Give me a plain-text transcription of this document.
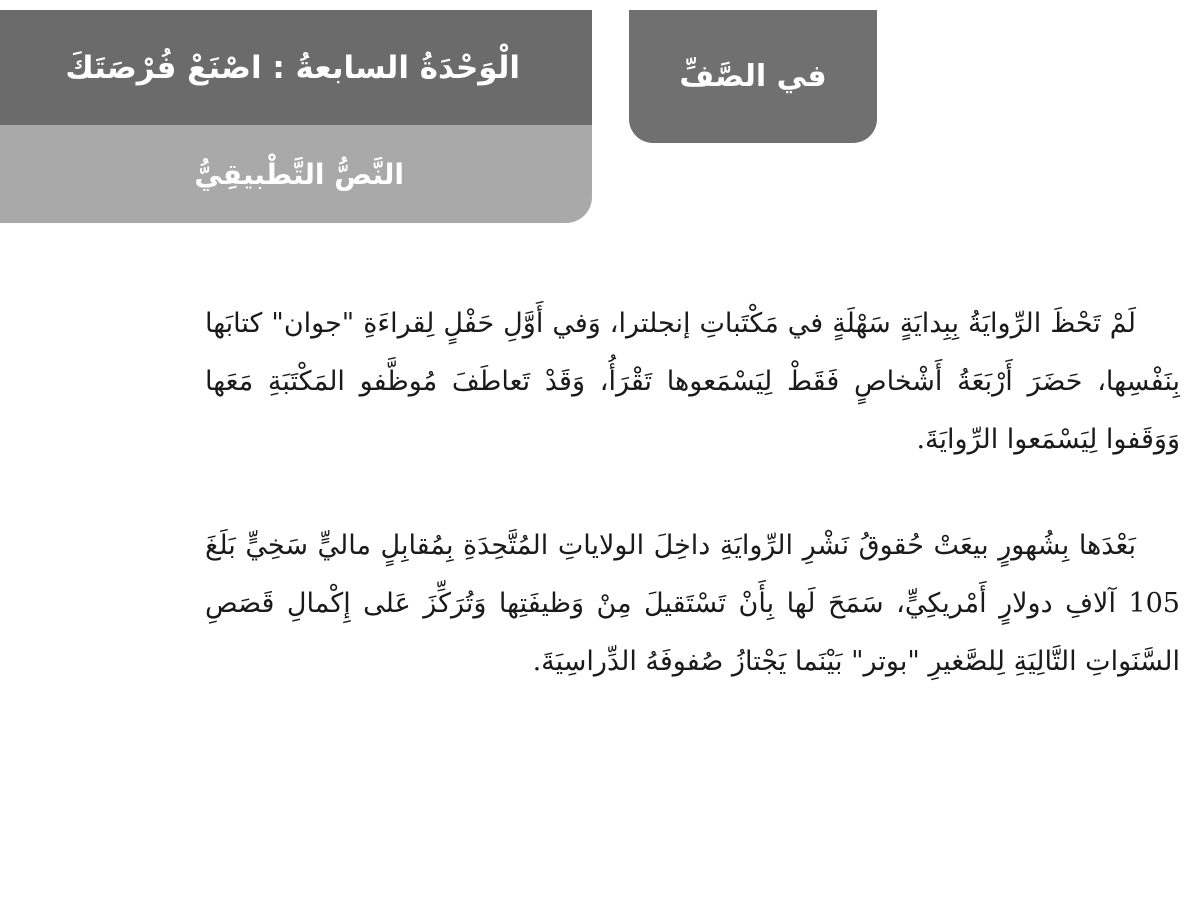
الْوَحْدَةُ السابعةُ : اصْنَعْ فُرْصَتَكَ
النَّصُّ التَّطْبيقِيُّ
في الصَّفِّ

لَمْ تَحْظَ الرِّوايَةُ بِبِدايَةٍ سَهْلَةٍ في مَكْتَباتِ إنجلترا، وَفي أَوَّلِ حَفْلٍ لِقراءَةِ "جوان" كتابَها بِنَفْسِها، حَضَرَ أَرْبَعَةُ أَشْخاصٍ فَقَطْ لِيَسْمَعوها تَقْرَأُ، وَقَدْ تَعاطَفَ مُوظَّفو المَكْتَبَةِ مَعَها وَوَقَفوا لِيَسْمَعوا الرِّوايَةَ.

بَعْدَها بِشُهورٍ بيعَتْ حُقوقُ نَشْرِ الرِّوايَةِ داخِلَ الولاياتِ المُتَّحِدَةِ بِمُقابِلٍ ماليٍّ سَخِيٍّ بَلَغَ 105 آلافِ دولارٍ أَمْريكِيٍّ، سَمَحَ لَها بِأَنْ تَسْتَقيلَ مِنْ وَظيفَتِها وَتُرَكِّزَ عَلى إِكْمالِ قَصَصِ السَّنَواتِ التَّالِيَةِ لِلصَّغيرِ "بوتر" بَيْنَما يَجْتازُ صُفوفَهُ الدِّراسِيَةَ.
